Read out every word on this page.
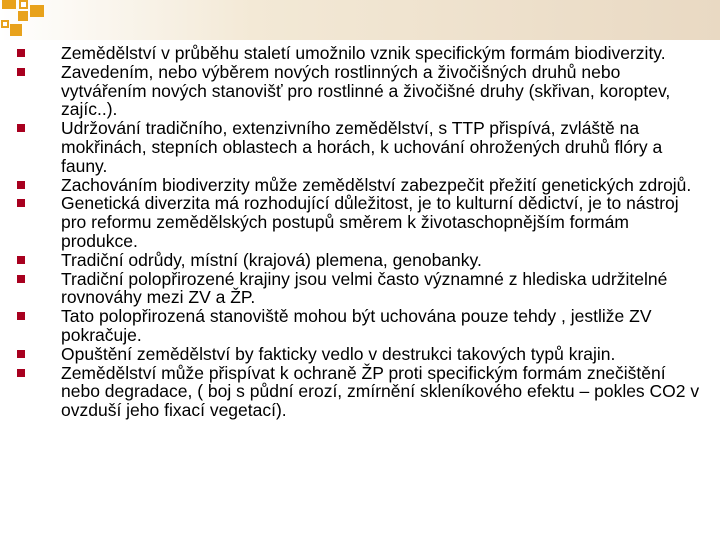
Zemědělství v průběhu staletí umožnilo vznik specifickým formám biodiverzity.
Zavedením, nebo výběrem nových rostlinných a živočišných druhů nebo vytvářením nových stanovišť pro rostlinné a živočišné druhy (skřivan, koroptev, zajíc..).
Udržování tradičního, extenzivního zemědělství, s TTP přispívá, zvláště na mokřinách, stepních oblastech a horách, k uchování ohrožených druhů flóry a fauny.
Zachováním biodiverzity může zemědělství zabezpečit přežití genetických zdrojů.
Genetická diverzita má rozhodující důležitost, je to kulturní dědictví, je to nástroj pro reformu zemědělských postupů směrem k životaschopnějším formám produkce.
Tradiční odrůdy, místní (krajová) plemena, genobanky.
Tradiční polopřirozené krajiny jsou velmi často významné z hlediska udržitelné rovnováhy mezi ZV a ŽP.
Tato polopřirozená stanoviště mohou být uchována pouze tehdy , jestliže ZV pokračuje.
Opuštění zemědělství by fakticky vedlo v destrukci takových typů krajin.
Zemědělství může přispívat k ochraně ŽP proti specifickým formám znečištění nebo degradace, ( boj s půdní erozí, zmírnění skleníkového efektu – pokles CO2 v ovzduší jeho fixací vegetací).
